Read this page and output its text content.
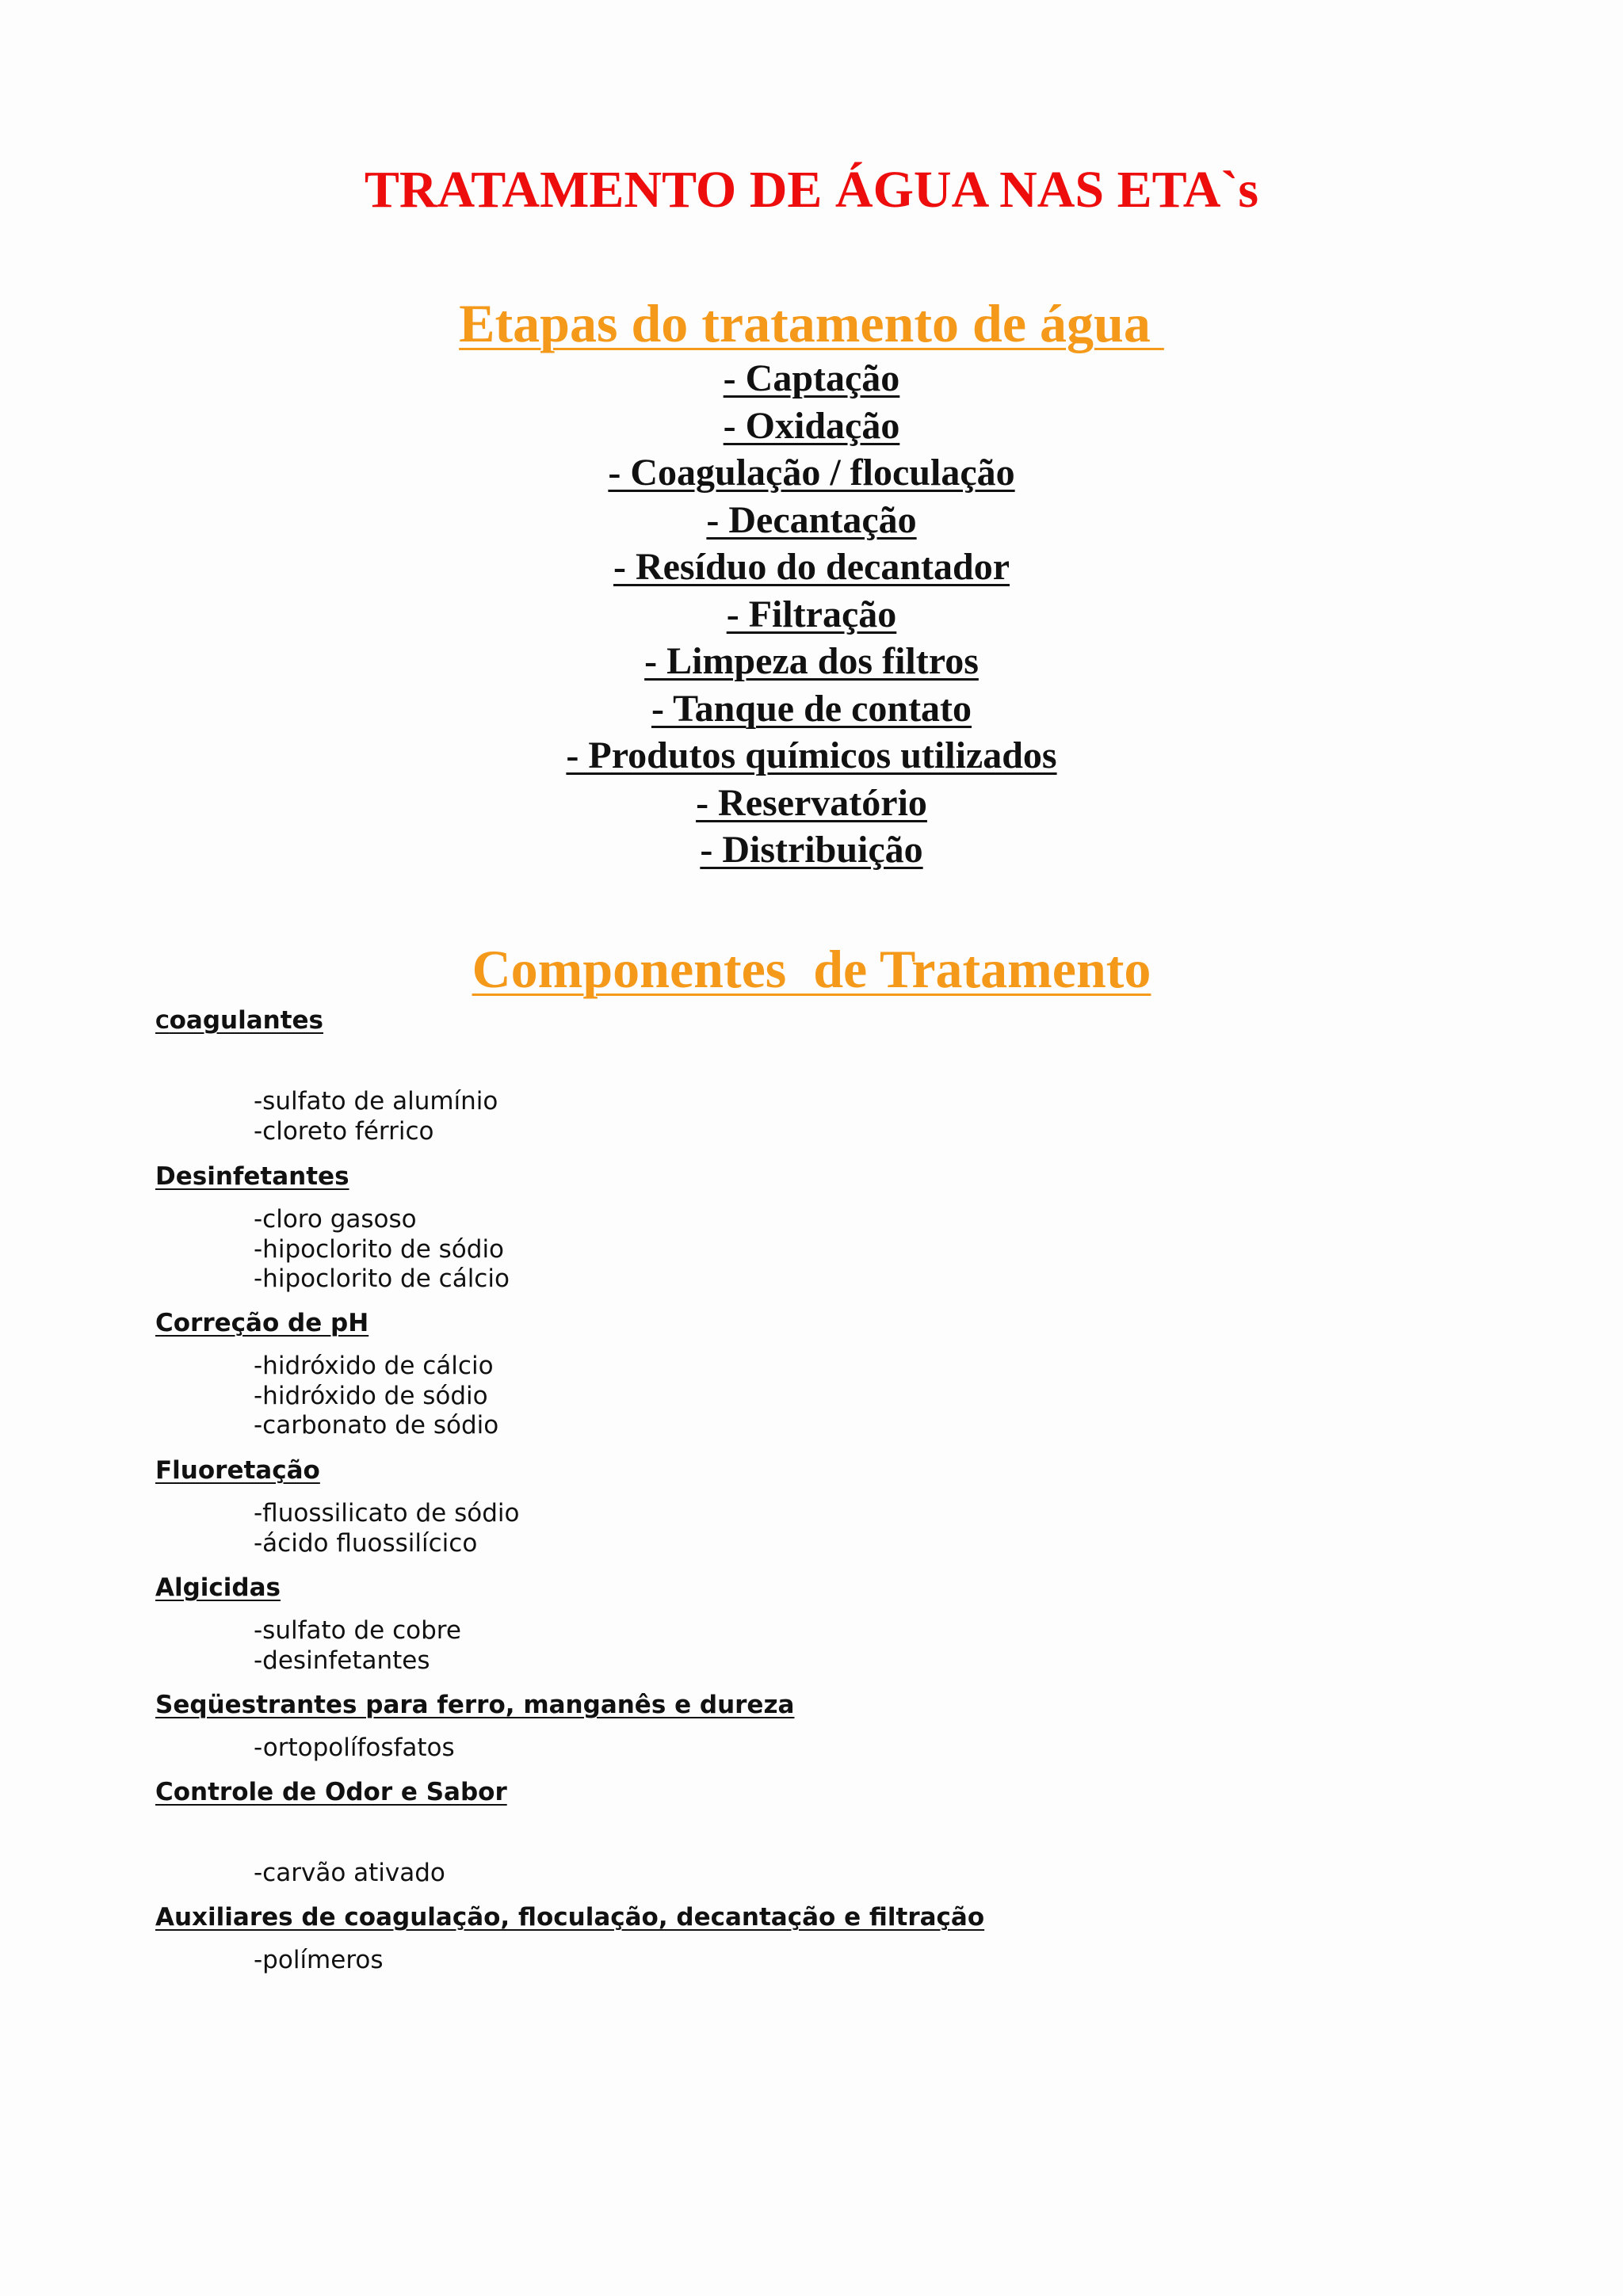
TRATAMENTO DE ÁGUA NAS ETA`s
Etapas do tratamento de água
- Captação
- Oxidação
- Coagulação / floculação
- Decantação
- Resíduo do decantador
- Filtração
- Limpeza dos filtros
- Tanque de contato
- Produtos químicos utilizados
- Reservatório
- Distribuição
Componentes  de Tratamento
Coagulantes
-sulfato de alumínio
-cloreto férrico
Desinfetantes
-cloro gasoso
-hipoclorito de sódio
-hipoclorito de cálcio
Correção de pH
-hidróxido de cálcio
-hidróxido de sódio
-carbonato de sódio
Fluoretação
-fluossilicato de sódio
-ácido fluossilícico
Algicidas
-sulfato de cobre
-desinfetantes
Seqüestrantes para ferro, manganês e dureza
-ortopolífosfatos
Controle de Odor e Sabor
-carvão ativado
Auxiliares de coagulação, floculação, decantação e filtração
-polímeros
